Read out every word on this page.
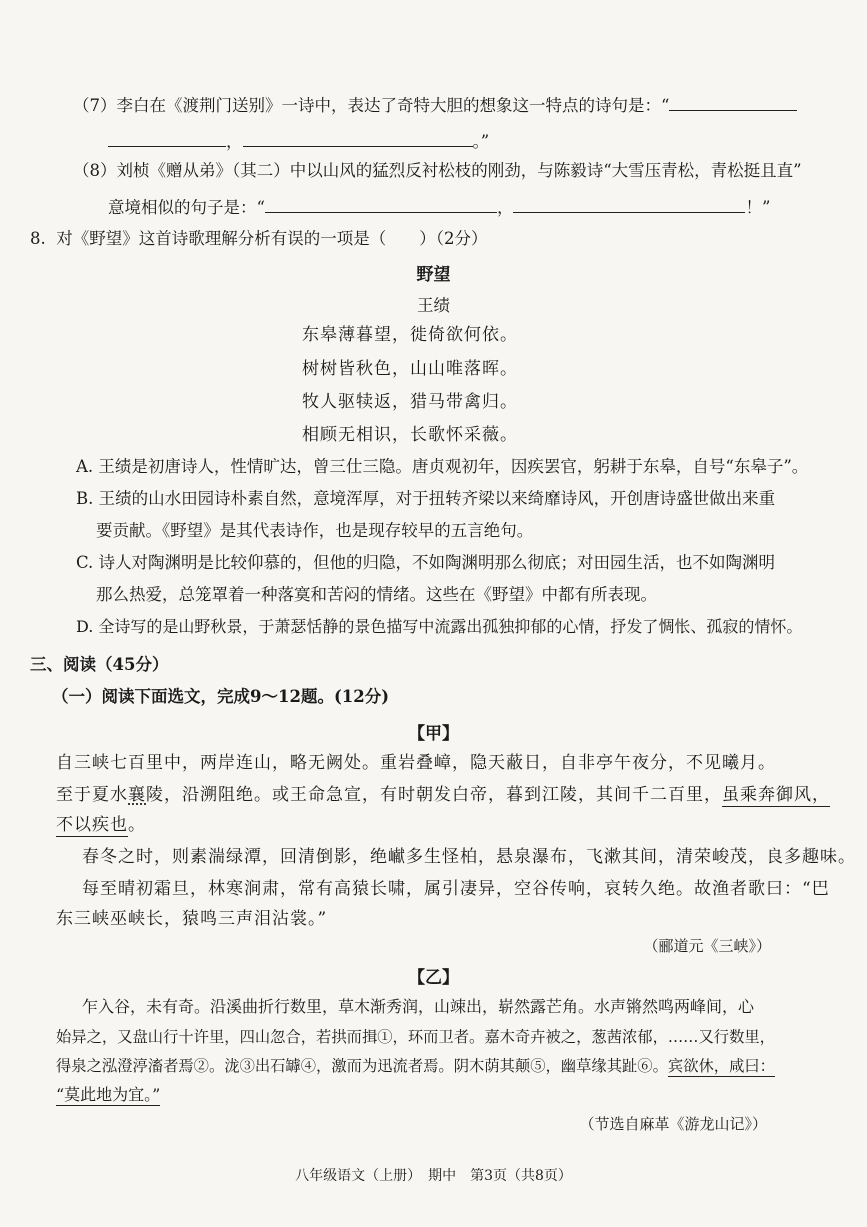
（7）李白在《渡荆门送别》一诗中，表达了奇特大胆的想象这一特点的诗句是：“
，	。”
（8）刘桢《赠从弟》（其二）中以山风的猛烈反衬松枝的刚劲，与陈毅诗“大雪压青松，青松挺且直”
意境相似的句子是：“	，	！”
8. 对《野望》这首诗歌理解分析有误的一项是（　　）（2分）
野望
王绩
东皋薄暮望，徙倚欲何依。
树树皆秋色，山山唯落晖。
牧人驱犊返，猎马带禽归。
相顾无相识，长歌怀采薇。
A. 王绩是初唐诗人，性情旷达，曾三仕三隐。唐贞观初年，因疾罢官，躬耕于东皋，自号“东皋子”。
B. 王绩的山水田园诗朴素自然，意境浑厚，对于扭转齐梁以来绮靡诗风，开创唐诗盛世做出来重
要贡献。《野望》是其代表诗作，也是现存较早的五言绝句。
C. 诗人对陶渊明是比较仰慕的，但他的归隐，不如陶渊明那么彻底；对田园生活，也不如陶渊明
那么热爱，总笼罩着一种落寞和苦闷的情绪。这些在《野望》中都有所表现。
D. 全诗写的是山野秋景，于萧瑟恬静的景色描写中流露出孤独抑郁的心情，抒发了惆怅、孤寂的情怀。
三、阅读（45分）
（一）阅读下面选文，完成9～12题。(12分)
【甲】
自三峡七百里中，两岸连山，略无阙处。重岩叠嶂，隐天蔽日，自非亭午夜分，不见曦月。
至于夏水襄陵，沿溯阻绝。或王命急宣，有时朝发白帝，暮到江陵，其间千二百里，虽乘奔御风，
不以疾也。
春冬之时，则素湍绿潭，回清倒影，绝𪩘多生怪柏，悬泉瀑布，飞漱其间，清荣峻茂，良多趣味。
每至晴初霜旦，林寒涧肃，常有高猿长啸，属引凄异，空谷传响，哀转久绝。故渔者歌曰：“巴
东三峡巫峡长，猿鸣三声泪沾裳。”
（郦道元《三峡》）
【乙】
乍入谷，未有奇。沿溪曲折行数里，草木渐秀润，山竦出，崭然露芒角。水声锵然鸣两峰间，心
始异之，又盘山行十许里，四山忽合，若拱而揖①，环而卫者。嘉木奇卉被之，葱茜浓郁，……又行数里，
得泉之泓澄渟滀者焉②。泷③出石罅④，激而为迅流者焉。阴木荫其颠⑤，幽草缘其趾⑥。宾欲休，咸曰：
“莫此地为宜。”
（节选自麻革《游龙山记》）
八年级语文（上册）　期中　第3页（共8页）
